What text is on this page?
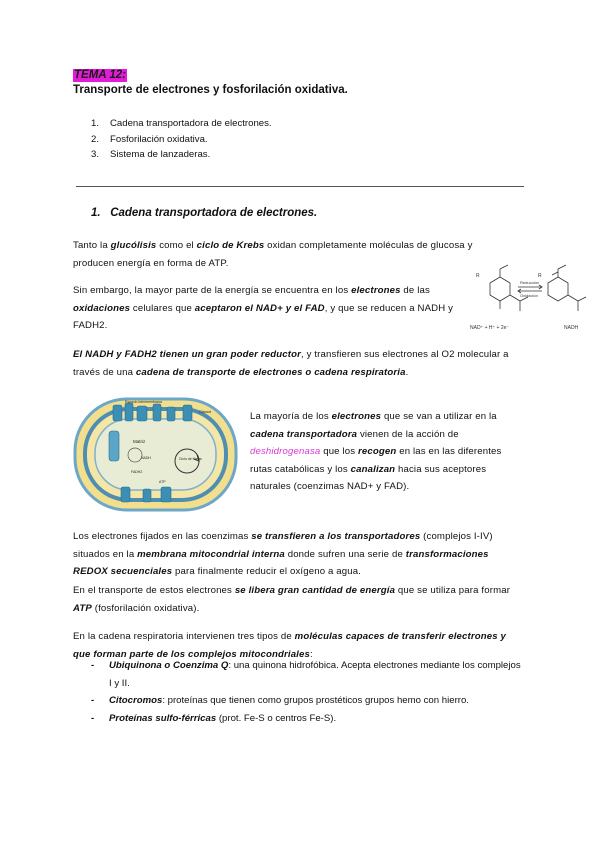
TEMA 12:
Transporte de electrones y fosforilación oxidativa.
1. Cadena transportadora de electrones.
2. Fosforilación oxidativa.
3. Sistema de lanzaderas.
1. Cadena transportadora de electrones.
Tanto la glucólisis como el ciclo de Krebs oxidan completamente moléculas de glucosa y producen energía en forma de ATP.
Sin embargo, la mayor parte de la energía se encuentra en los electrones de las oxidaciones celulares que aceptaron el NAD+ y el FAD, y que se reducen a NADH y FADH2.
R	R
Reducción
Oxidación
NAD⁺ + H⁺ + 2e⁻	NADH
El NADH y FADH2 tienen un gran poder reductor, y transfieren sus electrones al O2 molecular a través de una cadena de transporte de electrones o cadena respiratoria.
Espacio intermembrana
Citosol
Matriz
Ciclo de Krebs
NADH
FADH2
ATP
La mayoría de los electrones que se van a utilizar en la cadena transportadora vienen de la acción de deshidrogenasa que los recogen en las en las diferentes rutas catabólicas y los canalizan hacia sus aceptores naturales (coenzimas NAD+ y FAD).
Los electrones fijados en las coenzimas se transfieren a los transportadores (complejos I-IV) situados en la membrana mitocondrial interna donde sufren una serie de transformaciones REDOX secuenciales para finalmente reducir el oxígeno a agua.
En el transporte de estos electrones se libera gran cantidad de energía que se utiliza para formar ATP (fosforilación oxidativa).
En la cadena respiratoria intervienen tres tipos de moléculas capaces de transferir electrones y que forman parte de los complejos mitocondriales:
- Ubiquinona o Coenzima Q: una quinona hidrofóbica. Acepta electrones mediante los complejos I y II.
- Citocromos: proteínas que tienen como grupos prostéticos grupos hemo con hierro.
- Proteínas sulfo-férricas (prot. Fe-S o centros Fe-S).
